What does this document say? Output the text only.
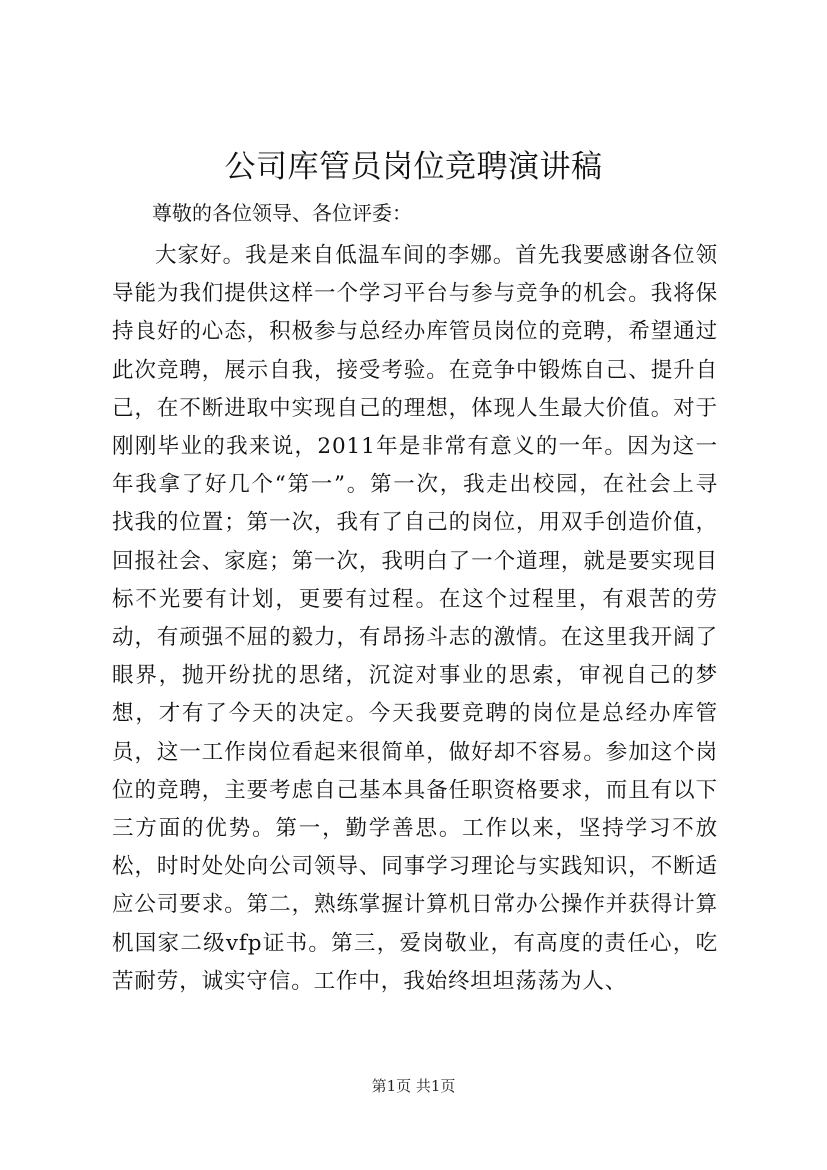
公司库管员岗位竞聘演讲稿

尊敬的各位领导、各位评委：

大家好。我是来自低温车间的李娜。首先我要感谢各位领导能为我们提供这样一个学习平台与参与竞争的机会。我将保持良好的心态，积极参与总经办库管员岗位的竞聘，希望通过此次竞聘，展示自我，接受考验。在竞争中锻炼自己、提升自己，在不断进取中实现自己的理想，体现人生最大价值。对于刚刚毕业的我来说，2011年是非常有意义的一年。因为这一年我拿了好几个“第一”。第一次，我走出校园，在社会上寻找我的位置；第一次，我有了自己的岗位，用双手创造价值，回报社会、家庭；第一次，我明白了一个道理，就是要实现目标不光要有计划，更要有过程。在这个过程里，有艰苦的劳动，有顽强不屈的毅力，有昂扬斗志的激情。在这里我开阔了眼界，抛开纷扰的思绪，沉淀对事业的思索，审视自己的梦想，才有了今天的决定。今天我要竞聘的岗位是总经办库管员，这一工作岗位看起来很简单，做好却不容易。参加这个岗位的竞聘，主要考虑自己基本具备任职资格要求，而且有以下三方面的优势。第一，勤学善思。工作以来，坚持学习不放松，时时处处向公司领导、同事学习理论与实践知识，不断适应公司要求。第二，熟练掌握计算机日常办公操作并获得计算机国家二级vfp证书。第三，爱岗敬业，有高度的责任心，吃苦耐劳，诚实守信。工作中，我始终坦坦荡荡为人、

第1页 共1页
